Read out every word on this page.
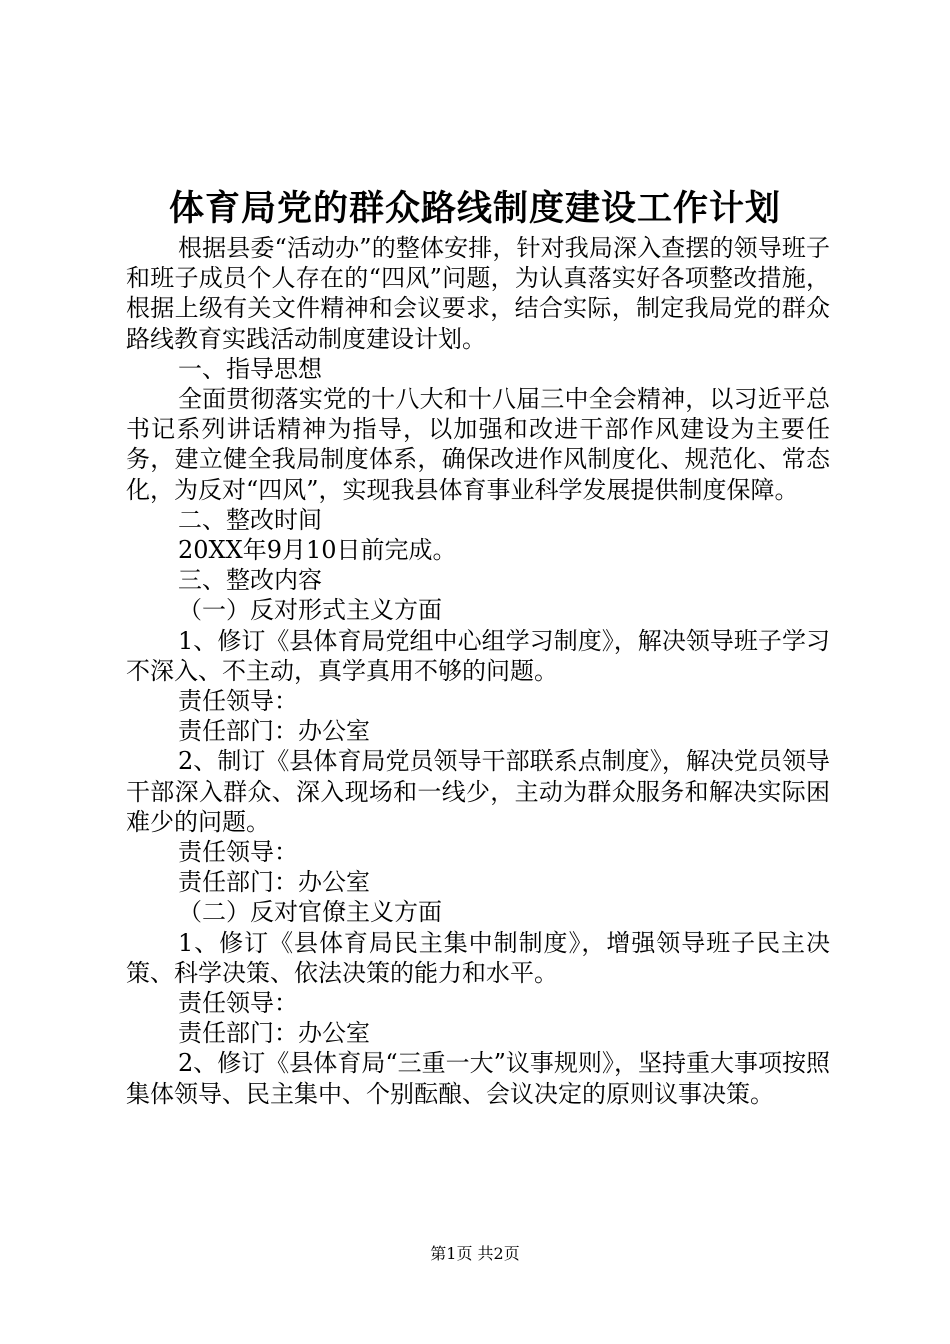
体育局党的群众路线制度建设工作计划

根据县委“活动办”的整体安排，针对我局深入查摆的领导班子和班子成员个人存在的“四风”问题，为认真落实好各项整改措施，根据上级有关文件精神和会议要求，结合实际，制定我局党的群众路线教育实践活动制度建设计划。

一、指导思想

全面贯彻落实党的十八大和十八届三中全会精神，以习近平总书记系列讲话精神为指导，以加强和改进干部作风建设为主要任务，建立健全我局制度体系，确保改进作风制度化、规范化、常态化，为反对“四风”，实现我县体育事业科学发展提供制度保障。

二、整改时间

20XX年9月10日前完成。

三、整改内容

（一）反对形式主义方面

1、修订《县体育局党组中心组学习制度》，解决领导班子学习不深入、不主动，真学真用不够的问题。

责任领导：

责任部门：办公室

2、制订《县体育局党员领导干部联系点制度》，解决党员领导干部深入群众、深入现场和一线少，主动为群众服务和解决实际困难少的问题。

责任领导：

责任部门：办公室

（二）反对官僚主义方面

1、修订《县体育局民主集中制制度》，增强领导班子民主决策、科学决策、依法决策的能力和水平。

责任领导：

责任部门：办公室

2、修订《县体育局“三重一大”议事规则》，坚持重大事项按照集体领导、民主集中、个别酝酿、会议决定的原则议事决策。

第1页 共2页
